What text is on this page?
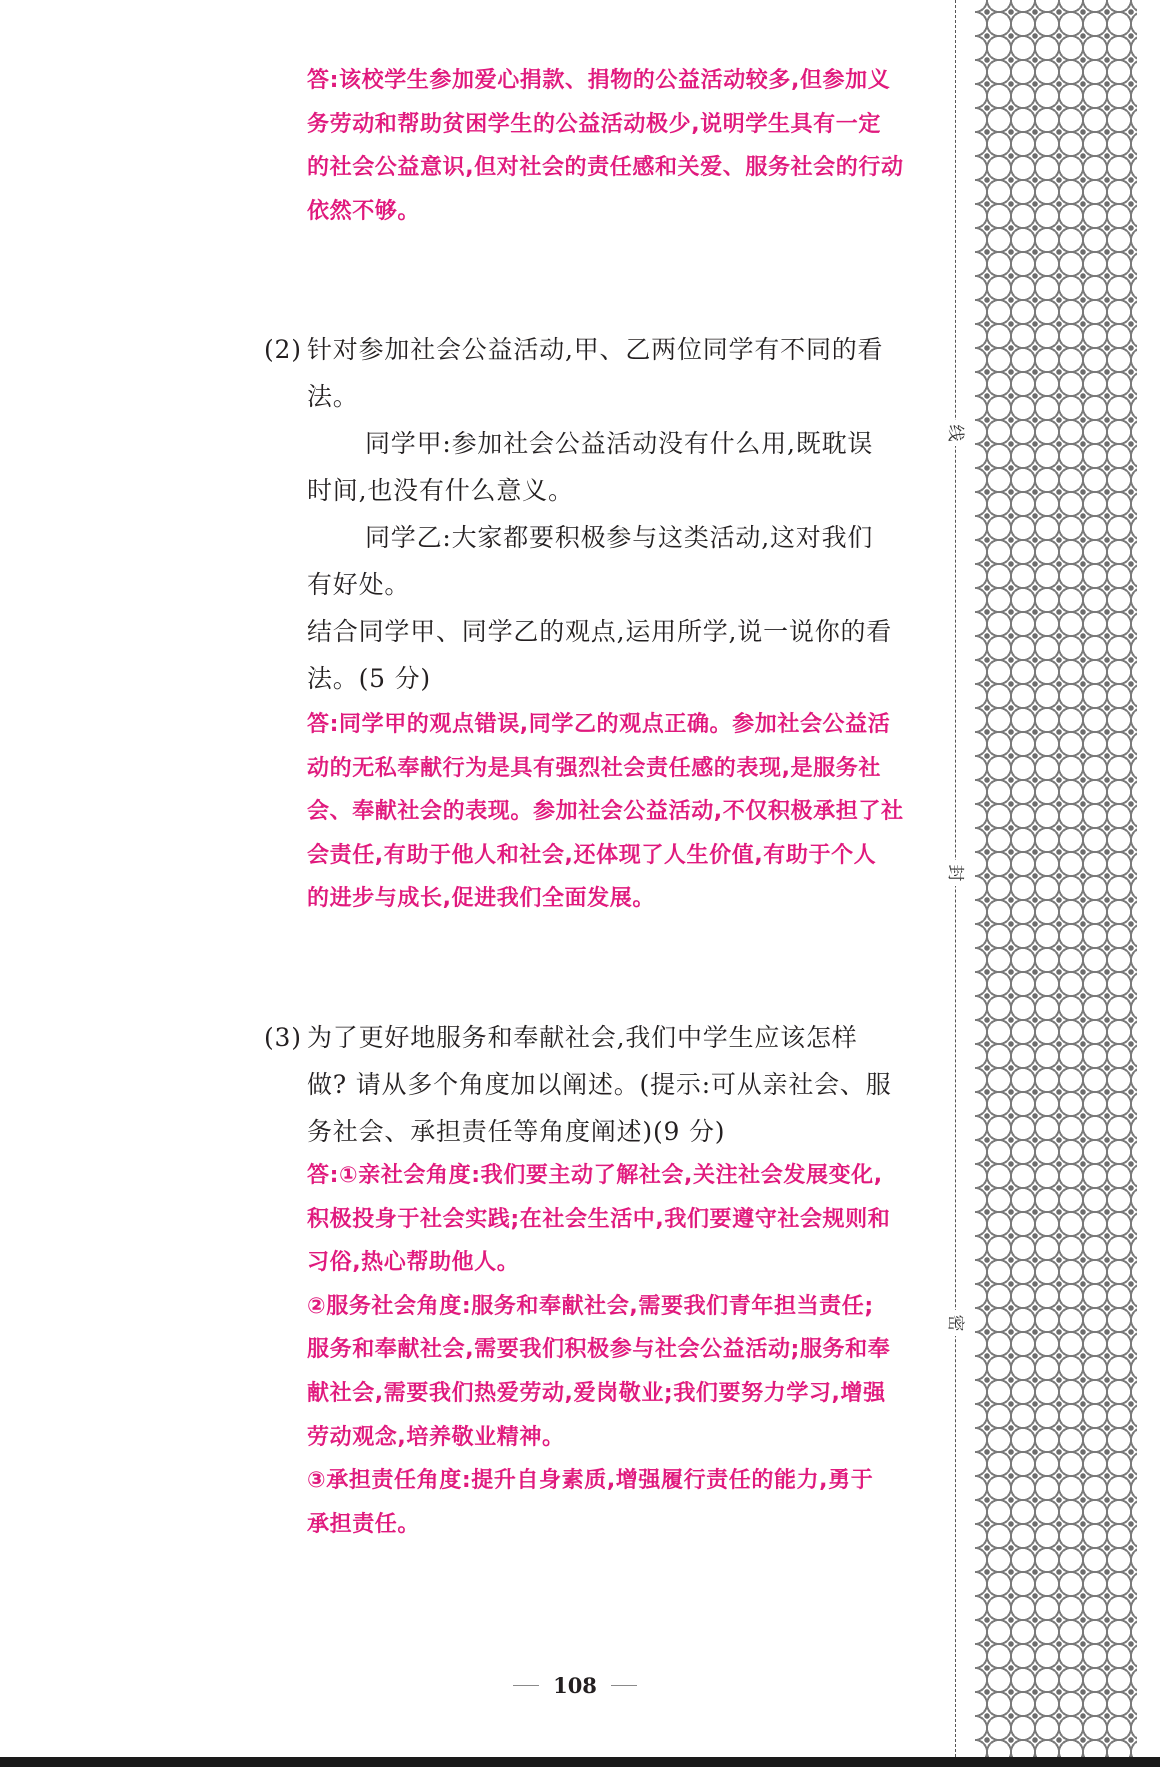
答:该校学生参加爱心捐款、捐物的公益活动较多,但参加义

务劳动和帮助贫困学生的公益活动极少,说明学生具有一定

的社会公益意识,但对社会的责任感和关爱、服务社会的行动

依然不够。

(2) 针对参加社会公益活动,甲、乙两位同学有不同的看
法。
同学甲:参加社会公益活动没有什么用,既耽误
时间,也没有什么意义。
同学乙:大家都要积极参与这类活动,这对我们
有好处。
结合同学甲、同学乙的观点,运用所学,说一说你的看
法。(5 分)

答:同学甲的观点错误,同学乙的观点正确。参加社会公益活

动的无私奉献行为是具有强烈社会责任感的表现,是服务社

会、奉献社会的表现。参加社会公益活动,不仅积极承担了社

会责任,有助于他人和社会,还体现了人生价值,有助于个人

的进步与成长,促进我们全面发展。

(3) 为了更好地服务和奉献社会,我们中学生应该怎样
做? 请从多个角度加以阐述。(提示:可从亲社会、服
务社会、承担责任等角度阐述)(9 分)

答:①亲社会角度:我们要主动了解社会,关注社会发展变化,

积极投身于社会实践;在社会生活中,我们要遵守社会规则和

习俗,热心帮助他人。

②服务社会角度:服务和奉献社会,需要我们青年担当责任;

服务和奉献社会,需要我们积极参与社会公益活动;服务和奉

献社会,需要我们热爱劳动,爱岗敬业;我们要努力学习,增强

劳动观念,培养敬业精神。

③承担责任角度:提升自身素质,增强履行责任的能力,勇于

承担责任。

108
线
封
密
